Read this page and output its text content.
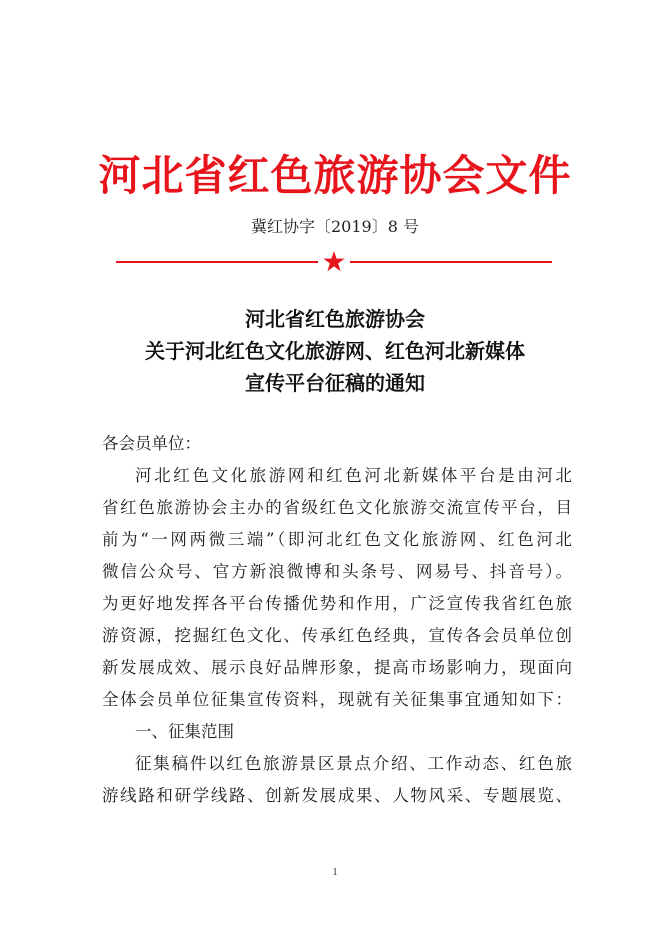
河北省红色旅游协会文件
冀红协字〔2019〕8 号
河北省红色旅游协会
关于河北红色文化旅游网、红色河北新媒体
宣传平台征稿的通知
各会员单位：
河北红色文化旅游网和红色河北新媒体平台是由河北
省红色旅游协会主办的省级红色文化旅游交流宣传平台，目
前为“一网两微三端”（即河北红色文化旅游网、红色河北
微信公众号、官方新浪微博和头条号、网易号、抖音号）。
为更好地发挥各平台传播优势和作用，广泛宣传我省红色旅
游资源，挖掘红色文化、传承红色经典，宣传各会员单位创
新发展成效、展示良好品牌形象，提高市场影响力，现面向
全体会员单位征集宣传资料，现就有关征集事宜通知如下：
一、征集范围
征集稿件以红色旅游景区景点介绍、工作动态、红色旅
游线路和研学线路、创新发展成果、人物风采、专题展览、
1
